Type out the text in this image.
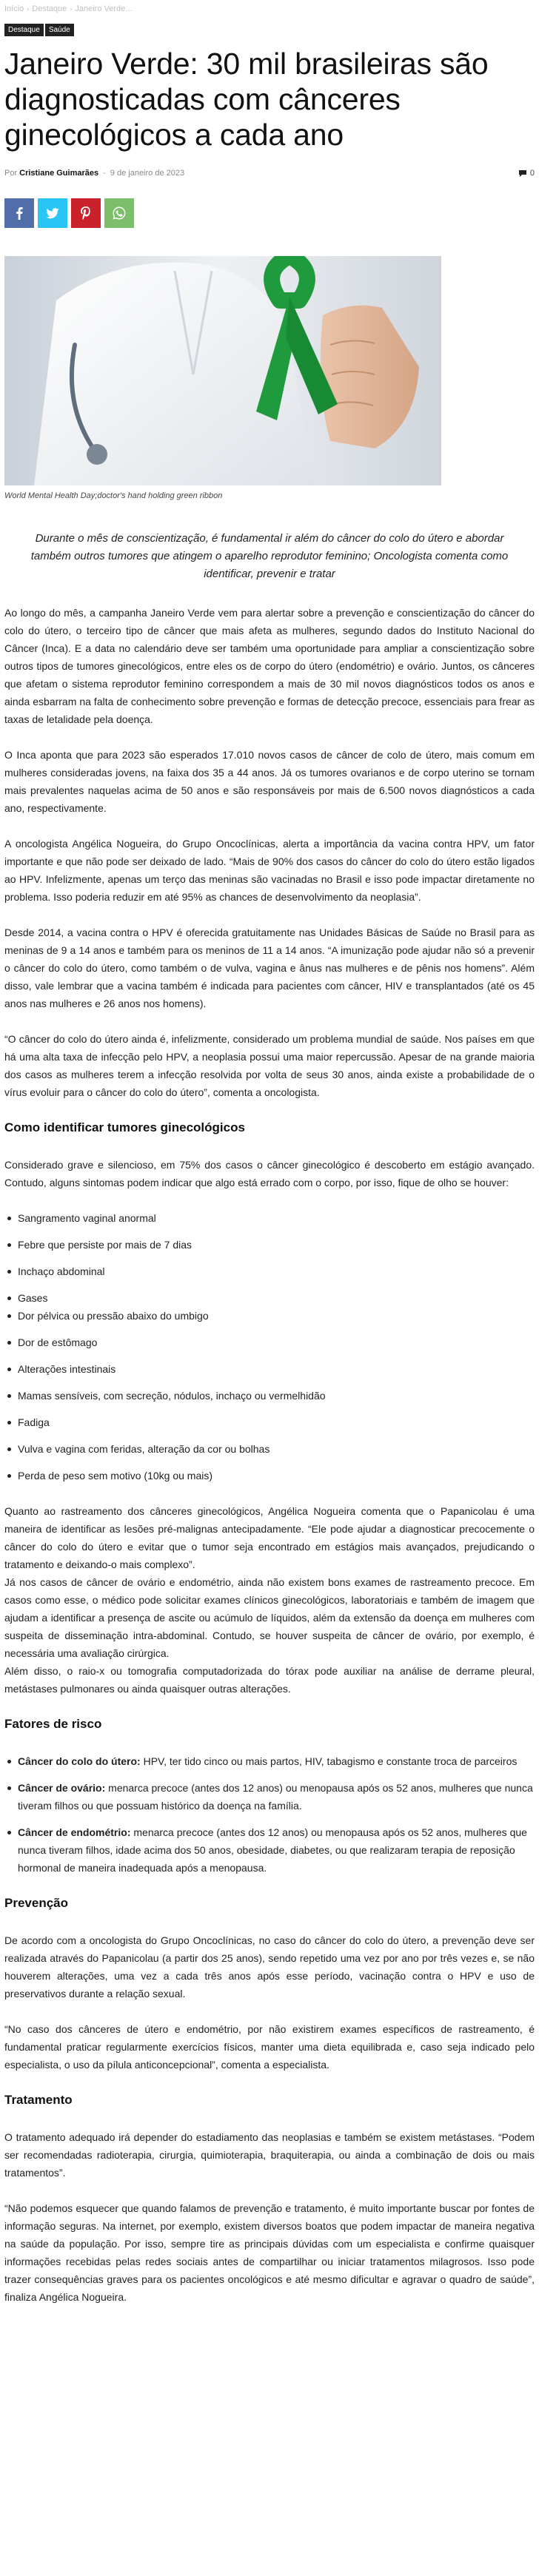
Início › Destaque › Janeiro Verde...
Destaque	Saúde
Janeiro Verde: 30 mil brasileiras são diagnosticadas com cânceres ginecológicos a cada ano
Por Cristiane Guimarães - 9 de janeiro de 2023	0
World Mental Health Day;doctor's hand holding green ribbon

Durante o mês de conscientização, é fundamental ir além do câncer do colo do útero e abordar também outros tumores que atingem o aparelho reprodutor feminino; Oncologista comenta como identificar, prevenir e tratar

Ao longo do mês, a campanha Janeiro Verde vem para alertar sobre a prevenção e conscientização do câncer do colo do útero, o terceiro tipo de câncer que mais afeta as mulheres, segundo dados do Instituto Nacional do Câncer (Inca). E a data no calendário deve ser também uma oportunidade para ampliar a conscientização sobre outros tipos de tumores ginecológicos, entre eles os de corpo do útero (endométrio) e ovário. Juntos, os cânceres que afetam o sistema reprodutor feminino correspondem a mais de 30 mil novos diagnósticos todos os anos e ainda esbarram na falta de conhecimento sobre prevenção e formas de detecção precoce, essenciais para frear as taxas de letalidade pela doença.

O Inca aponta que para 2023 são esperados 17.010 novos casos de câncer de colo de útero, mais comum em mulheres consideradas jovens, na faixa dos 35 a 44 anos. Já os tumores ovarianos e de corpo uterino se tornam mais prevalentes naquelas acima de 50 anos e são responsáveis por mais de 6.500 novos diagnósticos a cada ano, respectivamente.

A oncologista Angélica Nogueira, do Grupo Oncoclínicas, alerta a importância da vacina contra HPV, um fator importante e que não pode ser deixado de lado. “Mais de 90% dos casos do câncer do colo do útero estão ligados ao HPV. Infelizmente, apenas um terço das meninas são vacinadas no Brasil e isso pode impactar diretamente no problema. Isso poderia reduzir em até 95% as chances de desenvolvimento da neoplasia”.

Desde 2014, a vacina contra o HPV é oferecida gratuitamente nas Unidades Básicas de Saúde no Brasil para as meninas de 9 a 14 anos e também para os meninos de 11 a 14 anos. “A imunização pode ajudar não só a prevenir o câncer do colo do útero, como também o de vulva, vagina e ânus nas mulheres e de pênis nos homens”. Além disso, vale lembrar que a vacina também é indicada para pacientes com câncer, HIV e transplantados (até os 45 anos nas mulheres e 26 anos nos homens).

“O câncer do colo do útero ainda é, infelizmente, considerado um problema mundial de saúde. Nos países em que há uma alta taxa de infecção pelo HPV, a neoplasia possui uma maior repercussão. Apesar de na grande maioria dos casos as mulheres terem a infecção resolvida por volta de seus 30 anos, ainda existe a probabilidade de o vírus evoluir para o câncer do colo do útero”, comenta a oncologista.

Como identificar tumores ginecológicos

Considerado grave e silencioso, em 75% dos casos o câncer ginecológico é descoberto em estágio avançado. Contudo, alguns sintomas podem indicar que algo está errado com o corpo, por isso, fique de olho se houver:

Sangramento vaginal anormal
Febre que persiste por mais de 7 dias
Inchaço abdominal
Gases
Dor pélvica ou pressão abaixo do umbigo
Dor de estômago
Alterações intestinais
Mamas sensíveis, com secreção, nódulos, inchaço ou vermelhidão
Fadiga
Vulva e vagina com feridas, alteração da cor ou bolhas
Perda de peso sem motivo (10kg ou mais)

Quanto ao rastreamento dos cânceres ginecológicos, Angélica Nogueira comenta que o Papanicolau é uma maneira de identificar as lesões pré-malignas antecipadamente. “Ele pode ajudar a diagnosticar precocemente o câncer do colo do útero e evitar que o tumor seja encontrado em estágios mais avançados, prejudicando o tratamento e deixando-o mais complexo”.

Já nos casos de câncer de ovário e endométrio, ainda não existem bons exames de rastreamento precoce. Em casos como esse, o médico pode solicitar exames clínicos ginecológicos, laboratoriais e também de imagem que ajudam a identificar a presença de ascite ou acúmulo de líquidos, além da extensão da doença em mulheres com suspeita de disseminação intra-abdominal. Contudo, se houver suspeita de câncer de ovário, por exemplo, é necessária uma avaliação cirúrgica.

Além disso, o raio-x ou tomografia computadorizada do tórax pode auxiliar na análise de derrame pleural, metástases pulmonares ou ainda quaisquer outras alterações.

Fatores de risco
Câncer do colo do útero: HPV, ter tido cinco ou mais partos, HIV, tabagismo e constante troca de parceiros
Câncer de ovário: menarca precoce (antes dos 12 anos) ou menopausa após os 52 anos, mulheres que nunca tiveram filhos ou que possuam histórico da doença na família.
Câncer de endométrio: menarca precoce (antes dos 12 anos) ou menopausa após os 52 anos, mulheres que nunca tiveram filhos, idade acima dos 50 anos, obesidade, diabetes, ou que realizaram terapia de reposição hormonal de maneira inadequada após a menopausa.
Prevenção

De acordo com a oncologista do Grupo Oncoclínicas, no caso do câncer do colo do útero, a prevenção deve ser realizada através do Papanicolau (a partir dos 25 anos), sendo repetido uma vez por ano por três vezes e, se não houverem alterações, uma vez a cada três anos após esse período, vacinação contra o HPV e uso de preservativos durante a relação sexual.

“No caso dos cânceres de útero e endométrio, por não existirem exames específicos de rastreamento, é fundamental praticar regularmente exercícios físicos, manter uma dieta equilibrada e, caso seja indicado pelo especialista, o uso da pílula anticoncepcional”, comenta a especialista.

Tratamento

O tratamento adequado irá depender do estadiamento das neoplasias e também se existem metástases. “Podem ser recomendadas radioterapia, cirurgia, quimioterapia, braquiterapia, ou ainda a combinação de dois ou mais tratamentos”.

“Não podemos esquecer que quando falamos de prevenção e tratamento, é muito importante buscar por fontes de informação seguras. Na internet, por exemplo, existem diversos boatos que podem impactar de maneira negativa na saúde da população. Por isso, sempre tire as principais dúvidas com um especialista e confirme quaisquer informações recebidas pelas redes sociais antes de compartilhar ou iniciar tratamentos milagrosos. Isso pode trazer consequências graves para os pacientes oncológicos e até mesmo dificultar e agravar o quadro de saúde”, finaliza Angélica Nogueira.
